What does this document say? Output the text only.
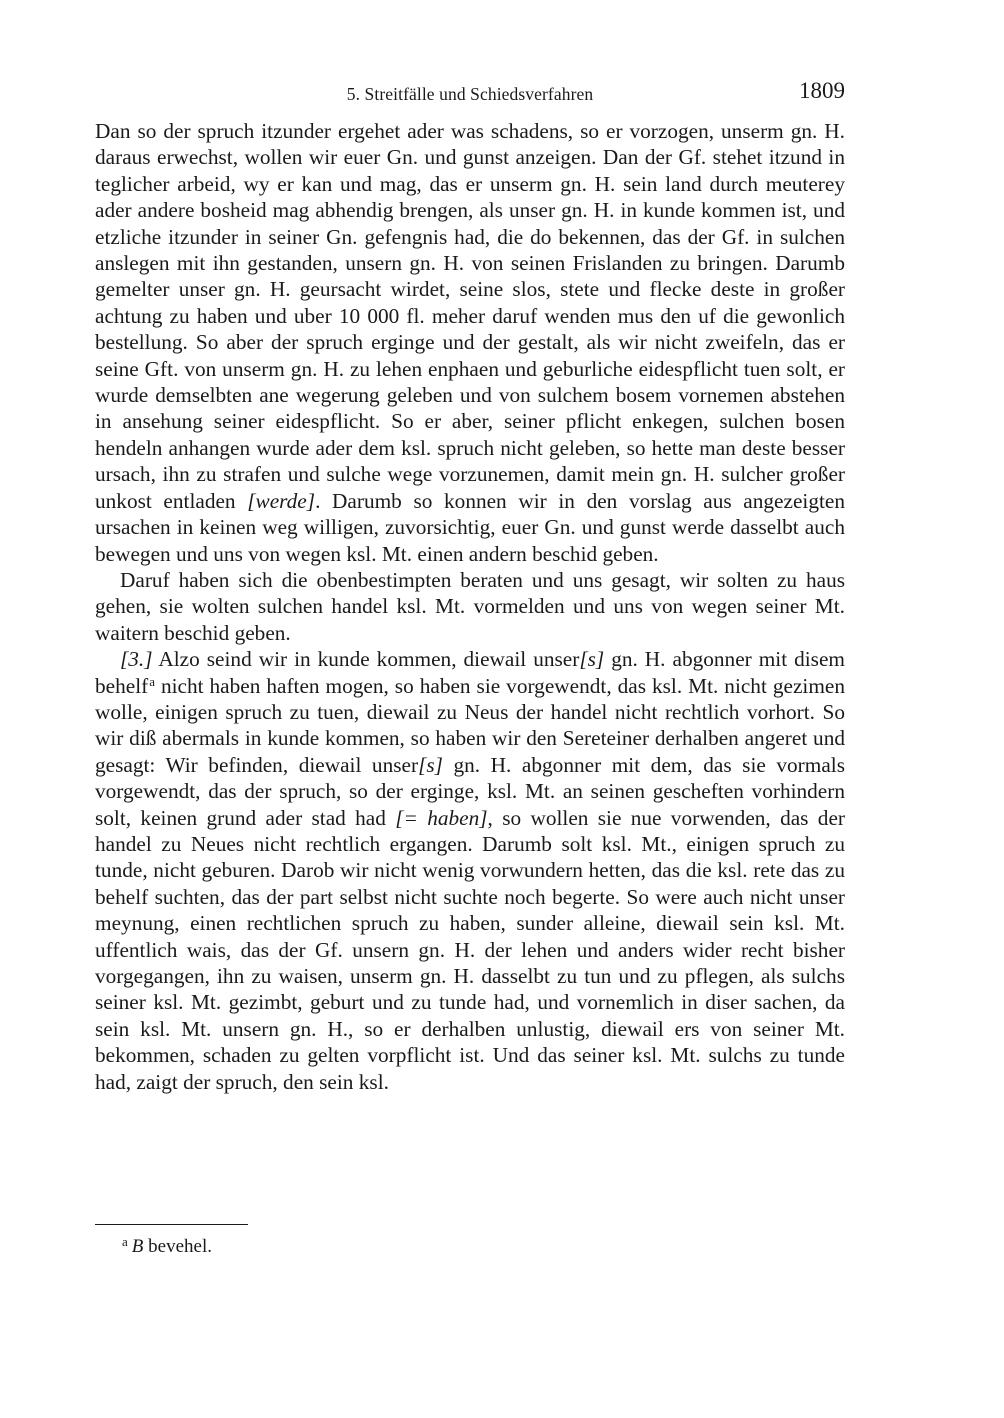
5. Streitfälle und Schiedsverfahren	1809

Dan so der spruch itzunder ergehet ader was schadens, so er vorzogen, unserm gn. H. daraus erwechst, wollen wir euer Gn. und gunst anzeigen. Dan der Gf. stehet itzund in teglicher arbeid, wy er kan und mag, das er unserm gn. H. sein land durch meuterey ader andere bosheid mag abhendig brengen, als unser gn. H. in kunde kommen ist, und etzliche itzunder in seiner Gn. gefengnis had, die do bekennen, das der Gf. in sulchen anslegen mit ihn gestanden, unsern gn. H. von seinen Frislanden zu bringen. Darumb gemelter unser gn. H. geursacht wirdet, seine slos, stete und flecke deste in großer achtung zu haben und uber 10 000 fl. meher daruf wenden mus den uf die gewonlich bestellung. So aber der spruch erginge und der gestalt, als wir nicht zweifeln, das er seine Gft. von unserm gn. H. zu lehen enphaen und geburliche eidespflicht tuen solt, er wurde demselbten ane wegerung geleben und von sulchem bosem vornemen abstehen in ansehung seiner eidespflicht. So er aber, seiner pflicht enkegen, sulchen bosen hendeln anhangen wurde ader dem ksl. spruch nicht geleben, so hette man deste besser ursach, ihn zu strafen und sulche wege vorzunemen, damit mein gn. H. sulcher großer unkost entladen [werde]. Darumb so konnen wir in den vorslag aus angezeigten ursachen in keinen weg willigen, zuvorsichtig, euer Gn. und gunst werde dasselbt auch bewegen und uns von wegen ksl. Mt. einen andern beschid geben.

Daruf haben sich die obenbestimpten beraten und uns gesagt, wir solten zu haus gehen, sie wolten sulchen handel ksl. Mt. vormelden und uns von wegen seiner Mt. waitern beschid geben.

[3.] Alzo seind wir in kunde kommen, diewail unser[s] gn. H. abgonner mit disem behelf$^a$ nicht haben haften mogen, so haben sie vorgewendt, das ksl. Mt. nicht gezimen wolle, einigen spruch zu tuen, diewail zu Neus der handel nicht rechtlich vorhort. So wir diß abermals in kunde kommen, so haben wir den Sereteiner derhalben angeret und gesagt: Wir befinden, diewail unser[s] gn. H. abgonner mit dem, das sie vormals vorgewendt, das der spruch, so der erginge, ksl. Mt. an seinen gescheften vorhindern solt, keinen grund ader stad had [= haben], so wollen sie nue vorwenden, das der handel zu Neues nicht rechtlich ergangen. Darumb solt ksl. Mt., einigen spruch zu tunde, nicht geburen. Darob wir nicht wenig vorwundern hetten, das die ksl. rete das zu behelf suchten, das der part selbst nicht suchte noch begerte. So were auch nicht unser meynung, einen rechtlichen spruch zu haben, sunder alleine, diewail sein ksl. Mt. uffentlich wais, das der Gf. unsern gn. H. der lehen und anders wider recht bisher vorgegangen, ihn zu waisen, unserm gn. H. dasselbt zu tun und zu pflegen, als sulchs seiner ksl. Mt. gezimbt, geburt und zu tunde had, und vornemlich in diser sachen, da sein ksl. Mt. unsern gn. H., so er derhalben unlustig, diewail ers von seiner Mt. bekommen, schaden zu gelten vorpflicht ist. Und das seiner ksl. Mt. sulchs zu tunde had, zaigt der spruch, den sein ksl.

$^a$ B bevehel.
